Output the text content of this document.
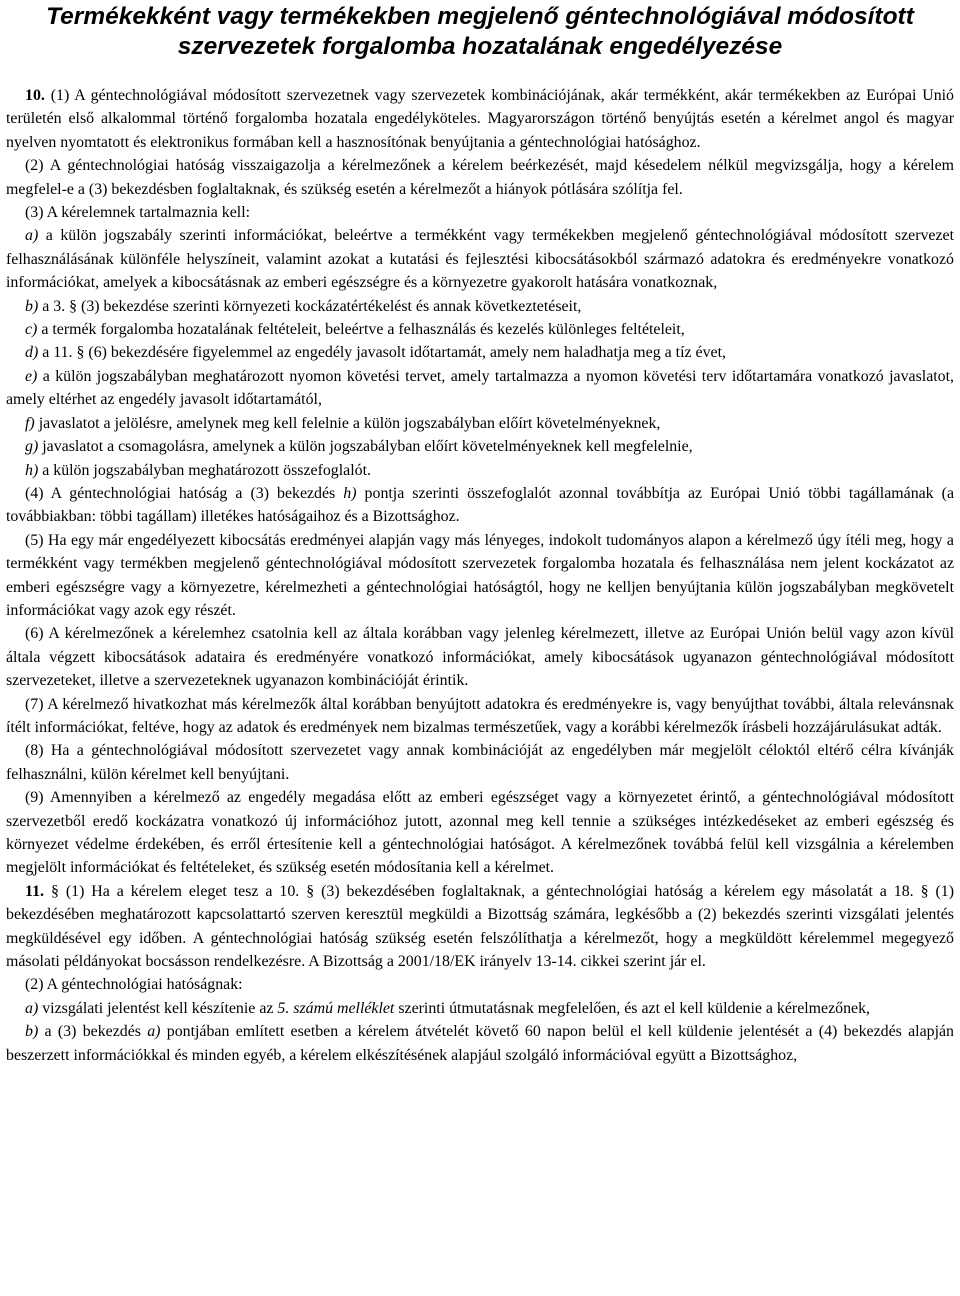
Termékekként vagy termékekben megjelenő géntechnológiával módosított
szervezetek forgalomba hozatalának engedélyezése

10. (1) A géntechnológiával módosított szervezetnek vagy szervezetek kombinációjának, akár termékként, akár termékekben az Európai Unió területén első alkalommal történő forgalomba hozatala engedélyköteles. Magyarországon történő benyújtás esetén a kérelmet angol és magyar nyelven nyomtatott és elektronikus formában kell a hasznosítónak benyújtania a géntechnológiai hatósághoz.

(2) A géntechnológiai hatóság visszaigazolja a kérelmezőnek a kérelem beérkezését, majd késedelem nélkül megvizsgálja, hogy a kérelem megfelel-e a (3) bekezdésben foglaltaknak, és szükség esetén a kérelmezőt a hiányok pótlására szólítja fel.

(3) A kérelemnek tartalmaznia kell:

a) a külön jogszabály szerinti információkat, beleértve a termékként vagy termékekben megjelenő géntechnológiával módosított szervezet felhasználásának különféle helyszíneit, valamint azokat a kutatási és fejlesztési kibocsátásokból származó adatokra és eredményekre vonatkozó információkat, amelyek a kibocsátásnak az emberi egészségre és a környezetre gyakorolt hatására vonatkoznak,

b) a 3. § (3) bekezdése szerinti környezeti kockázatértékelést és annak következtetéseit,

c) a termék forgalomba hozatalának feltételeit, beleértve a felhasználás és kezelés különleges feltételeit,

d) a 11. § (6) bekezdésére figyelemmel az engedély javasolt időtartamát, amely nem haladhatja meg a tíz évet,

e) a külön jogszabályban meghatározott nyomon követési tervet, amely tartalmazza a nyomon követési terv időtartamára vonatkozó javaslatot, amely eltérhet az engedély javasolt időtartamától,

f) javaslatot a jelölésre, amelynek meg kell felelnie a külön jogszabályban előírt követelményeknek,

g) javaslatot a csomagolásra, amelynek a külön jogszabályban előírt követelményeknek kell megfelelnie,

h) a külön jogszabályban meghatározott összefoglalót.

(4) A géntechnológiai hatóság a (3) bekezdés h) pontja szerinti összefoglalót azonnal továbbítja az Európai Unió többi tagállamának (a továbbiakban: többi tagállam) illetékes hatóságaihoz és a Bizottsághoz.

(5) Ha egy már engedélyezett kibocsátás eredményei alapján vagy más lényeges, indokolt tudományos alapon a kérelmező úgy ítéli meg, hogy a termékként vagy termékben megjelenő géntechnológiával módosított szervezetek forgalomba hozatala és felhasználása nem jelent kockázatot az emberi egészségre vagy a környezetre, kérelmezheti a géntechnológiai hatóságtól, hogy ne kelljen benyújtania külön jogszabályban megkövetelt információkat vagy azok egy részét.

(6) A kérelmezőnek a kérelemhez csatolnia kell az általa korábban vagy jelenleg kérelmezett, illetve az Európai Unión belül vagy azon kívül általa végzett kibocsátások adataira és eredményére vonatkozó információkat, amely kibocsátások ugyanazon géntechnológiával módosított szervezeteket, illetve a szervezeteknek ugyanazon kombinációját érintik.

(7) A kérelmező hivatkozhat más kérelmezők által korábban benyújtott adatokra és eredményekre is, vagy benyújthat további, általa relevánsnak ítélt információkat, feltéve, hogy az adatok és eredmények nem bizalmas természetűek, vagy a korábbi kérelmezők írásbeli hozzájárulásukat adták.

(8) Ha a géntechnológiával módosított szervezetet vagy annak kombinációját az engedélyben már megjelölt céloktól eltérő célra kívánják felhasználni, külön kérelmet kell benyújtani.

(9) Amennyiben a kérelmező az engedély megadása előtt az emberi egészséget vagy a környezetet érintő, a géntechnológiával módosított szervezetből eredő kockázatra vonatkozó új információhoz jutott, azonnal meg kell tennie a szükséges intézkedéseket az emberi egészség és környezet védelme érdekében, és erről értesítenie kell a géntechnológiai hatóságot. A kérelmezőnek továbbá felül kell vizsgálnia a kérelemben megjelölt információkat és feltételeket, és szükség esetén módosítania kell a kérelmet.

11. § (1) Ha a kérelem eleget tesz a 10. § (3) bekezdésében foglaltaknak, a géntechnológiai hatóság a kérelem egy másolatát a 18. § (1) bekezdésében meghatározott kapcsolattartó szerven keresztül megküldi a Bizottság számára, legkésőbb a (2) bekezdés szerinti vizsgálati jelentés megküldésével egy időben. A géntechnológiai hatóság szükség esetén felszólíthatja a kérelmezőt, hogy a megküldött kérelemmel megegyező másolati példányokat bocsásson rendelkezésre. A Bizottság a 2001/18/EK irányelv 13-14. cikkei szerint jár el.

(2) A géntechnológiai hatóságnak:

a) vizsgálati jelentést kell készítenie az 5. számú melléklet szerinti útmutatásnak megfelelően, és azt el kell küldenie a kérelmezőnek,

b) a (3) bekezdés a) pontjában említett esetben a kérelem átvételét követő 60 napon belül el kell küldenie jelentését a (4) bekezdés alapján beszerzett információkkal és minden egyéb, a kérelem elkészítésének alapjául szolgáló információval együtt a Bizottsághoz,
